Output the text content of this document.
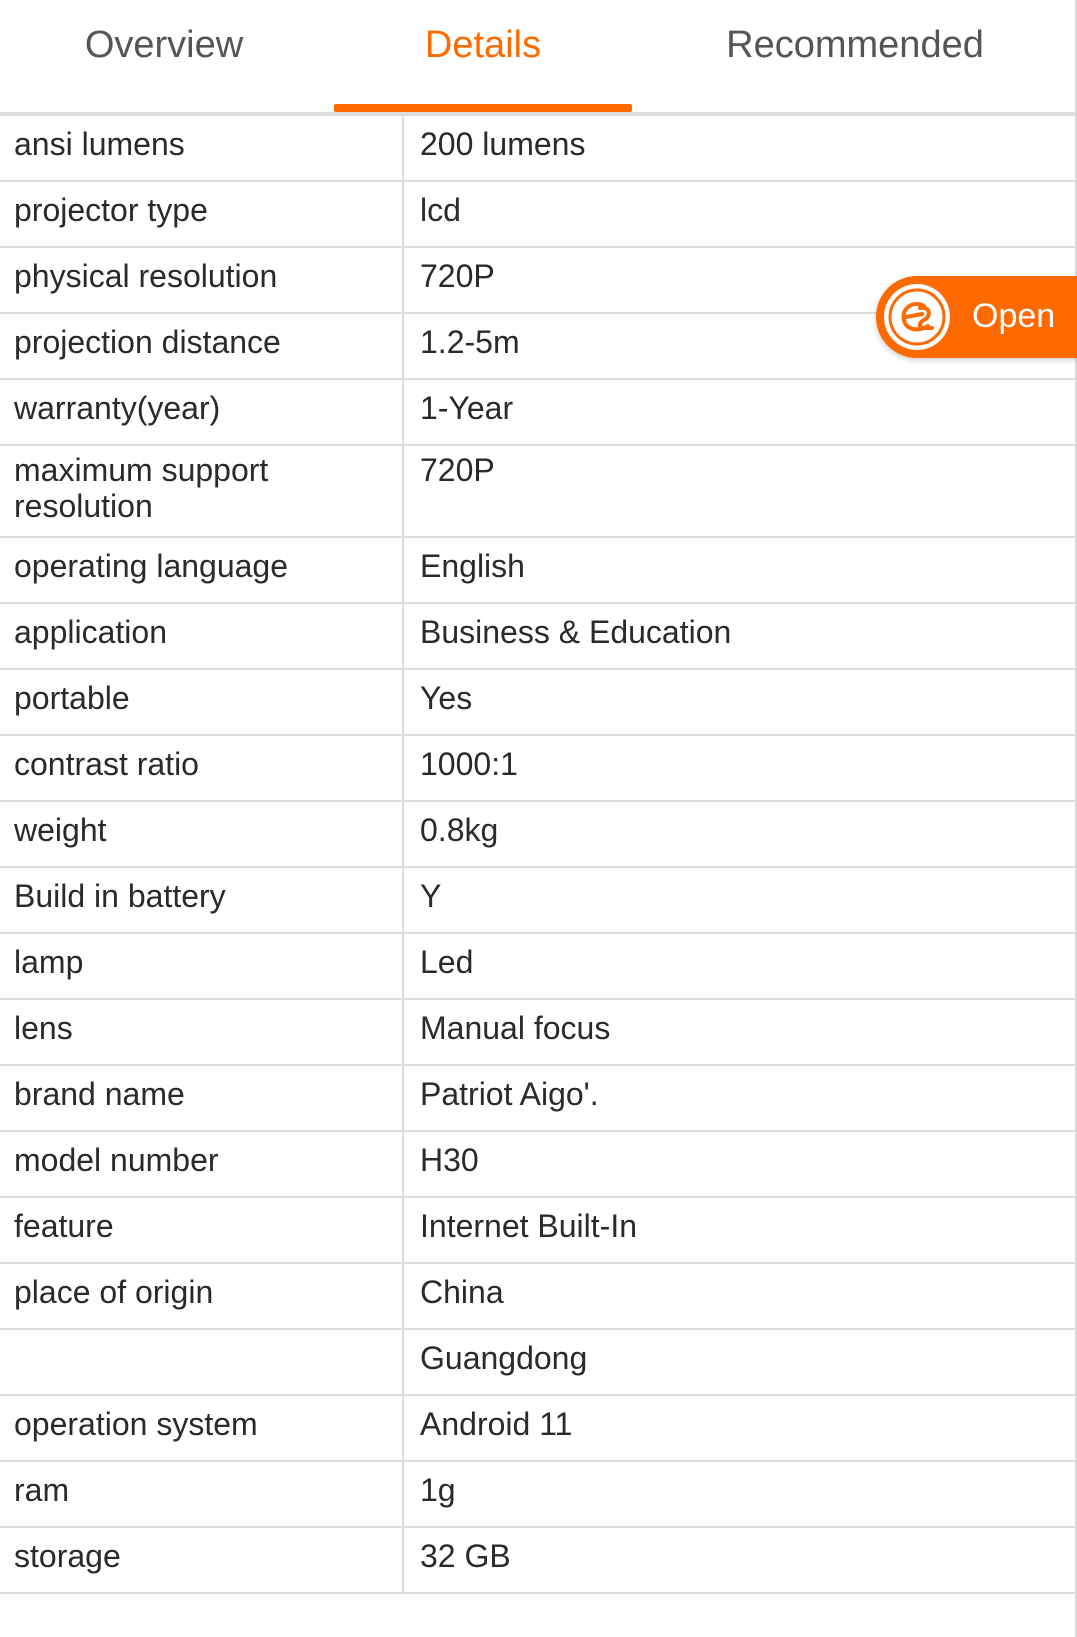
Overview	Details	Recommended
ansi lumens	200 lumens
projector type	lcd
physical resolution	720P
projection distance	1.2-5m
warranty(year)	1-Year
maximum support resolution	720P
operating language	English
application	Business & Education
portable	Yes
contrast ratio	1000:1
weight	0.8kg
Build in battery	Y
lamp	Led
lens	Manual focus
brand name	Patriot Aigo'.
model number	H30
feature	Internet Built-In
place of origin	China
	Guangdong
operation system	Android 11
ram	1g
storage	32 GB
Open
